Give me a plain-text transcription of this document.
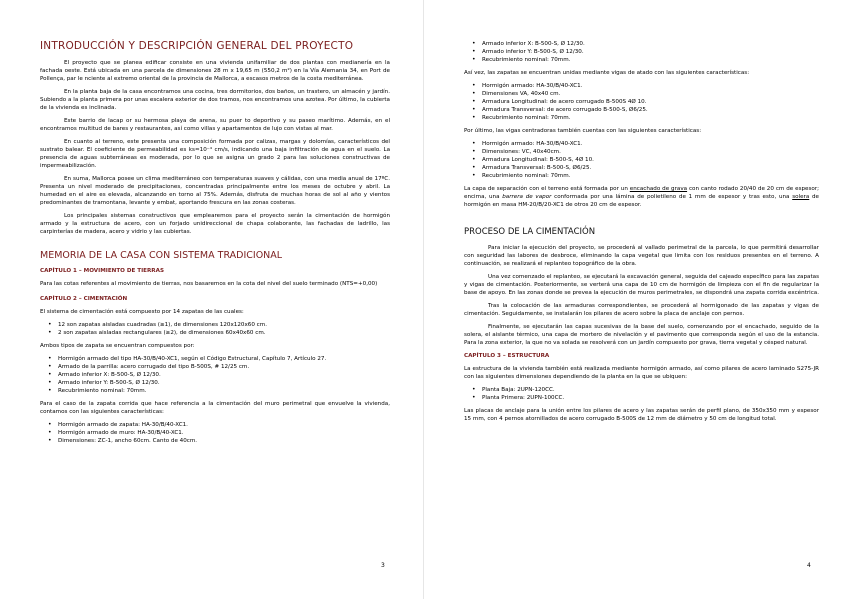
INTRODUCCIÓN Y DESCRIPCIÓN GENERAL DEL PROYECTO

El proyecto que se planea edificar consiste en una vivienda unifamiliar de dos plantas con medianería en la fachada oeste. Está ubicada en una parcela de dimensiones 28 m x 19,65 m (550,2 m²) en la Vía Alemania 34, en Port de Pollença, par le nciente al extremo oriental de la provincia de Mallorca, a escasos metros de la costa mediterránea.

En la planta baja de la casa encontramos una cocina, tres dormitorios, dos baños, un trastero, un almacén y jardín. Subiendo a la planta primera por unas escalera exterior de dos tramos, nos encontramos una azotea. Por último, la cubierta de la vivienda es inclinada.

Este barrio de lacap or su hermosa playa de arena, su puer to deportivo y su paseo marítimo. Además, en el encontramos multitud de bares y restaurantes, así como villas y apartamentos de lujo con vistas al mar.

En cuanto al terreno, este presenta una composición formada por calizas, margas y dolomías, característicos del sustrato balear. El coeficiente de permeabilidad es ks≈10⁻⁴ cm/s, indicando una baja infiltración de agua en el suelo. La presencia de aguas subterráneas es moderada, por lo que se asigna un grado 2 para las soluciones constructivas de impermeabilización.

En suma, Mallorca posee un clima mediterráneo con temperaturas suaves y cálidas, con una media anual de 17ºC. Presenta un nivel moderado de precipitaciones, concentradas principalmente entre los meses de octubre y abril. La humedad en el aire es elevada, alcanzando en torno al 75%. Además, disfruta de muchas horas de sol al año y vientos predominantes de tramontana, levante y embat, aportando frescura en las zonas costeras.

Los principales sistemas constructivos que emplearemos para el proyecto serán la cimentación de hormigón armado y la estructura de acero, con un forjado unidireccional de chapa colaborante, las fachadas de ladrillo, las carpinterías de madera, acero y vidrio y las cubiertas.

MEMORIA DE LA CASA CON SISTEMA TRADICIONAL
CAPÍTULO 1 – MOVIMIENTO DE TIERRAS

Para las cotas referentes al movimiento de tierras, nos basaremos en la cota del nivel del suelo terminado (NTS=+0,00)

CAPÍTULO 2 – CIMENTACIÓN

El sistema de cimentación está compuesto por 14 zapatas de las cuales:

• 12 son zapatas aisladas cuadradas (≥1), de dimensiones 120x120x60 cm.
• 2 son zapatas aisladas rectangulares (≥2), de dimensiones 60x40x60 cm.

Ambos tipos de zapata se encuentran compuestos por:

• Hormigón armado del tipo HA-30/B/40-XC1, según el Código Estructural, Capítulo 7, Artículo 27.
• Armado de la parrilla: acero corrugado del tipo B-500S, # 12/25 cm.
• Armado inferior X: B-500-S, Ø 12/30.
• Armado inferior Y: B-500-S, Ø 12/30.
• Recubrimiento nominal: 70mm.

Para el caso de la zapata corrida que hace referencia a la cimentación del muro perimetral que envuelve la vivienda, contamos con las siguientes características:

• Hormigón armado de zapata: HA-30/B/40-XC1.
• Hormigón armado de muro: HA-30/B/40-XC1.
• Dimensiones: ZC-1, ancho 60cm. Canto de 40cm.
3
• Armado inferior X: B-500-S, Ø 12/30.
• Armado inferior Y: B-500-S, Ø 12/30.
• Recubrimiento nominal: 70mm.

Así vez, las zapatas se encuentran unidas mediante vigas de atado con las siguientes características:

• Hormigón armado: HA-30/B/40-XC1.
• Dimensiones VA, 40x40 cm.
• Armadura Longitudinal: de acero corrugado B-500S 4Ø 10.
• Armadura Transversal: de acero corrugado B-500-S, Ø6/25.
• Recubrimiento nominal: 70mm.

Por último, las vigas centradoras también cuentas con las siguientes características:

• Hormigón armado: HA-30/B/40-XC1.
• Dimensiones: VC, 40x40cm.
• Armadura Longitudinal: B-500-S, 4Ø 10.
• Armadura Transversal: B-500-S, Ø6/25.
• Recubrimiento nominal: 70mm.

La capa de separación con el terreno está formada por un encachado de grava con canto rodado 20/40 de 20 cm de espesor; encima, una barrera de vapor conformada por una lámina de polietileno de 1 mm de espesor y tras esto, una solera de hormigón en masa HM-20/B/20-XC1 de otros 20 cm de espesor.

PROCESO DE LA CIMENTACIÓN

Para iniciar la ejecución del proyecto, se procederá al vallado perimetral de la parcela, lo que permitirá desarrollar con seguridad las labores de desbroce, eliminando la capa vegetal que limita con los residuos presentes en el terreno. A continuación, se realizará el replanteo topográfico de la obra.

Una vez comenzado el replanteo, se ejecutará la excavación general, seguida del cajeado específico para las zapatas y vigas de cimentación. Posteriormente, se verterá una capa de 10 cm de hormigón de limpieza con el fin de regularizar la base de apoyo. En las zonas donde se prevea la ejecución de muros perimetrales, se dispondrá una zapata corrida excéntrica.

Tras la colocación de las armaduras correspondientes, se procederá al hormigonado de las zapatas y vigas de cimentación. Seguidamente, se instalarán los pilares de acero sobre la placa de anclaje con pernos.

Finalmente, se ejecutarán las capas sucesivas de la base del suelo, comenzando por el encachado, seguido de la solera, el aislante térmico, una capa de mortero de nivelación y el pavimento que corresponda según el uso de la estancia. Para la zona exterior, la que no va solada se resolverá con un jardín compuesto por grava, tierra vegetal y césped natural.

CAPÍTULO 3 – ESTRUCTURA

La estructura de la vivienda también está realizada mediante hormigón armado, así como pilares de acero laminado S275-JR con las siguientes dimensiones dependiendo de la planta en la que se ubiquen:

• Planta Baja: 2UPN-120CC.
• Planta Primera: 2UPN-100CC.

Las placas de anclaje para la unión entre los pilares de acero y las zapatas serán de perfil plano, de 350x350 mm y espesor 15 mm, con 4 pernos atornillados de acero corrugado B-500S de 12 mm de diámetro y 50 cm de longitud total.

4
